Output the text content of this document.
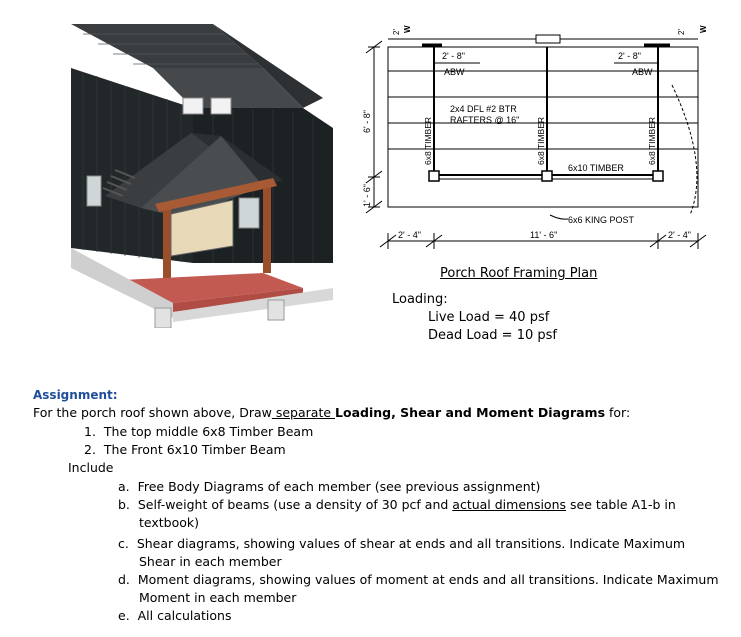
2' - 8"	2' - 8"
ABW	ABW
2x4 DFL #2 BTR
RAFTERS @ 16"
6x8 TIMBER	6x8 TIMBER	6x8 TIMBER
6x10 TIMBER
6x6 KING POST
2' - 4"	11' - 6"	2' - 4"
6' - 8"
1' - 6"
2'	2'
W	W
Porch Roof Framing Plan
Loading:
Live Load = 40 psf
Dead Load = 10 psf
Assignment:
For the porch roof shown above, Draw separate Loading, Shear and Moment Diagrams for:
1. The top middle 6x8 Timber Beam
2. The Front 6x10 Timber Beam
Include
a. Free Body Diagrams of each member (see previous assignment)
b. Self-weight of beams (use a density of 30 pcf and actual dimensions see table A1-b in
textbook)
c. Shear diagrams, showing values of shear at ends and all transitions. Indicate Maximum
Shear in each member
d. Moment diagrams, showing values of moment at ends and all transitions. Indicate Maximum
Moment in each member
e. All calculations
